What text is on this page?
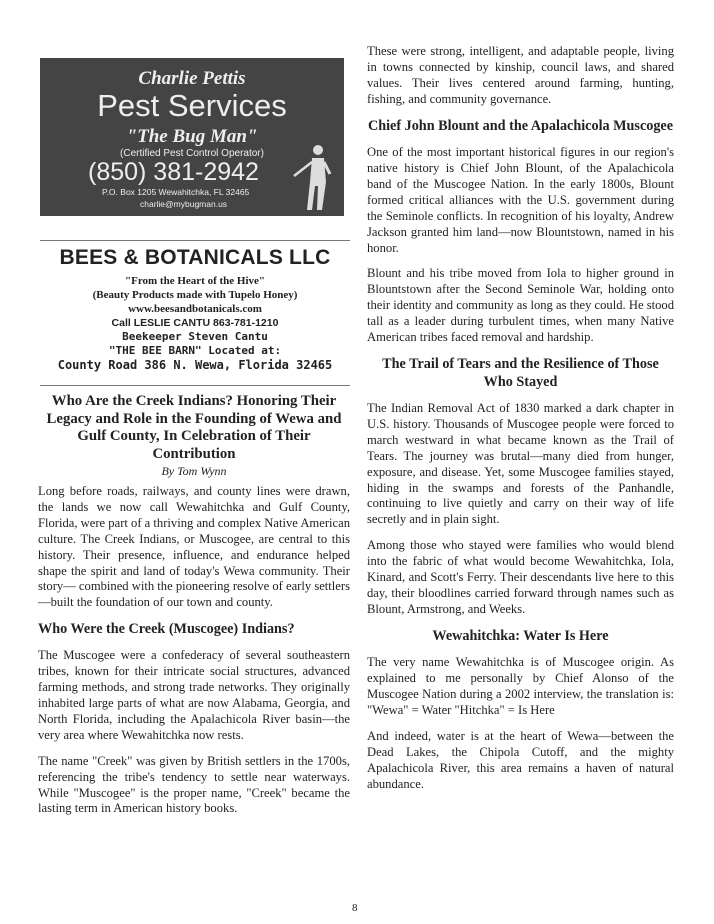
Charlie Pettis
Pest Services
"The Bug Man"
(Certified Pest Control Operator)
(850) 381-2942
P.O. Box 1205 Wewahitchka, FL 32465
charlie@mybugman.us
BEES & BOTANICALS LLC
"From the Heart of the Hive"
(Beauty Products made with Tupelo Honey)
www.beesandbotanicals.com
Call LESLIE CANTU 863-781-1210
Beekeeper Steven Cantu
"THE BEE BARN" Located at:
County Road 386 N. Wewa, Florida 32465
Who Are the Creek Indians? Honoring Their Legacy and Role in the Founding of Wewa and Gulf County, In Celebration of Their Contribution
By Tom Wynn

Long before roads, railways, and county lines were drawn, the lands we now call Wewahitchka and Gulf County, Florida, were part of a thriving and complex Native American culture. The Creek Indians, or Muscogee, are central to this history. Their presence, influence, and endurance helped shape the spirit and land of today's Wewa community. Their story— combined with the pioneering resolve of early settlers—built the foundation of our town and county.

Who Were the Creek (Muscogee) Indians?

The Muscogee were a confederacy of several southeastern tribes, known for their intricate social structures, advanced farming methods, and strong trade networks. They originally inhabited large parts of what are now Alabama, Georgia, and North Florida, including the Apalachicola River basin—the very area where Wewahitchka now rests.

The name "Creek" was given by British settlers in the 1700s, referencing the tribe's tendency to settle near waterways. While "Muscogee" is the proper name, "Creek" became the lasting term in American history books.

These were strong, intelligent, and adaptable people, living in towns connected by kinship, council laws, and shared values. Their lives centered around farming, hunting, fishing, and community governance.

Chief John Blount and the Apalachicola Muscogee

One of the most important historical figures in our region's native history is Chief John Blount, of the Apalachicola band of the Muscogee Nation. In the early 1800s, Blount formed critical alliances with the U.S. government during the Seminole conflicts. In recognition of his loyalty, Andrew Jackson granted him land—now Blountstown, named in his honor.

Blount and his tribe moved from Iola to higher ground in Blountstown after the Second Seminole War, holding onto their identity and community as long as they could. He stood tall as a leader during turbulent times, when many Native American tribes faced removal and hardship.

The Trail of Tears and the Resilience of Those Who Stayed

The Indian Removal Act of 1830 marked a dark chapter in U.S. history. Thousands of Muscogee people were forced to march westward in what became known as the Trail of Tears. The journey was brutal—many died from hunger, exposure, and disease. Yet, some Muscogee families stayed, hiding in the swamps and forests of the Panhandle, continuing to live quietly and carry on their way of life secretly and in plain sight.

Among those who stayed were families who would blend into the fabric of what would become Wewahitchka, Iola, Kinard, and Scott's Ferry. Their descendants live here to this day, their bloodlines carried forward through names such as Blount, Armstrong, and Weeks.

Wewahitchka: Water Is Here

The very name Wewahitchka is of Muscogee origin. As explained to me personally by Chief Alonso of the Muscogee Nation during a 2002 interview, the translation is: "Wewa" = Water "Hitchka" = Is Here

And indeed, water is at the heart of Wewa—between the Dead Lakes, the Chipola Cutoff, and the mighty Apalachicola River, this area remains a haven of natural abundance.

8
